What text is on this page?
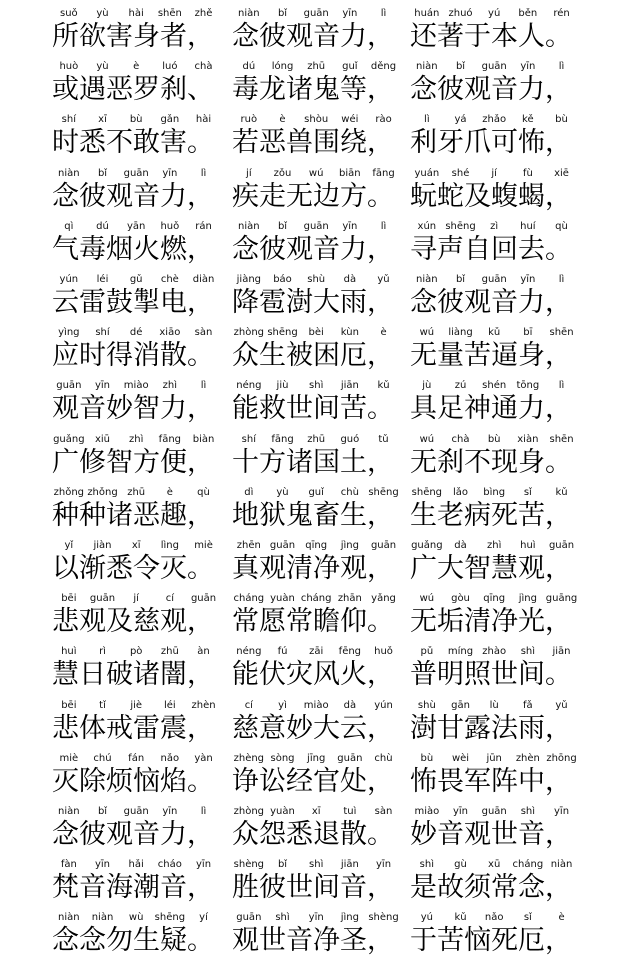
suǒ	yù	hài	shēn	zhě
所欲害身者，
niàn	bǐ	guān	yīn	lì
念彼观音力，
huán zhuó	yú	běn	rén
还著于本人。
huò	yù	è	luó	chà
或遇恶罗刹、
dú	lóng	zhū	guǐ	děng
毒龙诸鬼等，
niàn	bǐ	guān	yīn	lì
念彼观音力，
shí	xī	bù	gǎn	hài
时悉不敢害。
ruò	è	shòu	wéi	rào
若恶兽围绕，
lì	yá	zhǎo	kě	bù
利牙爪可怖，
niàn	bǐ	guān	yīn	lì
念彼观音力，
jí	zǒu	wú	biān	fāng
疾走无边方。
yuán	shé	jí	fù	xiē
蚖蛇及蝮蝎，
qì	dú	yān	huǒ	rán
气毒烟火燃，
niàn	bǐ	guān	yīn	lì
念彼观音力，
xún shēng	zì	huí	qù
寻声自回去。
yún	léi	gǔ	chè	diàn
云雷鼓掣电，
jiàng	báo	shù	dà	yǔ
降雹澍大雨，
niàn	bǐ	guān	yīn	lì
念彼观音力，
yìng	shí	dé	xiāo	sàn
应时得消散。
zhòng shēng	bèi	kùn	è
众生被困厄，
wú	liàng	kǔ	bī	shēn
无量苦逼身，
guān	yīn	miào	zhì	lì
观音妙智力，
néng	jiù	shì	jiān	kǔ
能救世间苦。
jù	zú	shén	tōng	lì
具足神通力，
guǎng	xiū	zhì	fāng	biàn
广修智方便，
shí	fāng	zhū	guó	tǔ
十方诸国土，
wú	chà	bù	xiàn	shēn
无刹不现身。
zhǒng zhǒng zhū	è	qù
种种诸恶趣，
dì	yù	guǐ	chù shēng
地狱鬼畜生，
shēng	lǎo	bìng	sǐ	kǔ
生老病死苦，
yǐ	jiàn	xī	lìng	miè
以渐悉令灭。
zhēn guān	qīng	jìng	guān
真观清净观，
guǎng	dà	zhì	huì	guān
广大智慧观，
bēi	guān	jí	cí	guān
悲观及慈观，
cháng yuàn cháng zhān yǎng
常愿常瞻仰。
wú	gòu	qīng	jìng guāng
无垢清净光，
huì	rì	pò	zhū	àn
慧日破诸闇，
néng	fú	zāi	fēng	huǒ
能伏灾风火，
pǔ	míng zhào	shì	jiān
普明照世间。
bēi	tǐ	jiè	léi	zhèn
悲体戒雷震，
cí	yì	miào	dà	yún
慈意妙大云，
shù	gān	lù	fǎ	yǔ
澍甘露法雨，
miè	chú	fán	nǎo	yàn
灭除烦恼焰。
zhèng sòng	jīng	guān	chù
诤讼经官处，
bù	wèi	jūn	zhèn zhōng
怖畏军阵中，
niàn	bǐ	guān	yīn	lì
念彼观音力，
zhòng yuàn	xī	tuì	sàn
众怨悉退散。
miào	yīn	guān	shì	yīn
妙音观世音，
fàn	yīn	hǎi	cháo	yīn
梵音海潮音，
shèng	bǐ	shì	jiān	yīn
胜彼世间音，
shì	gù	xū	cháng niàn
是故须常念，
niàn	niàn	wù	shēng	yí
念念勿生疑。
guān	shì	yīn	jìng shèng
观世音净圣，
yú	kǔ	nǎo	sǐ	è
于苦恼死厄，
